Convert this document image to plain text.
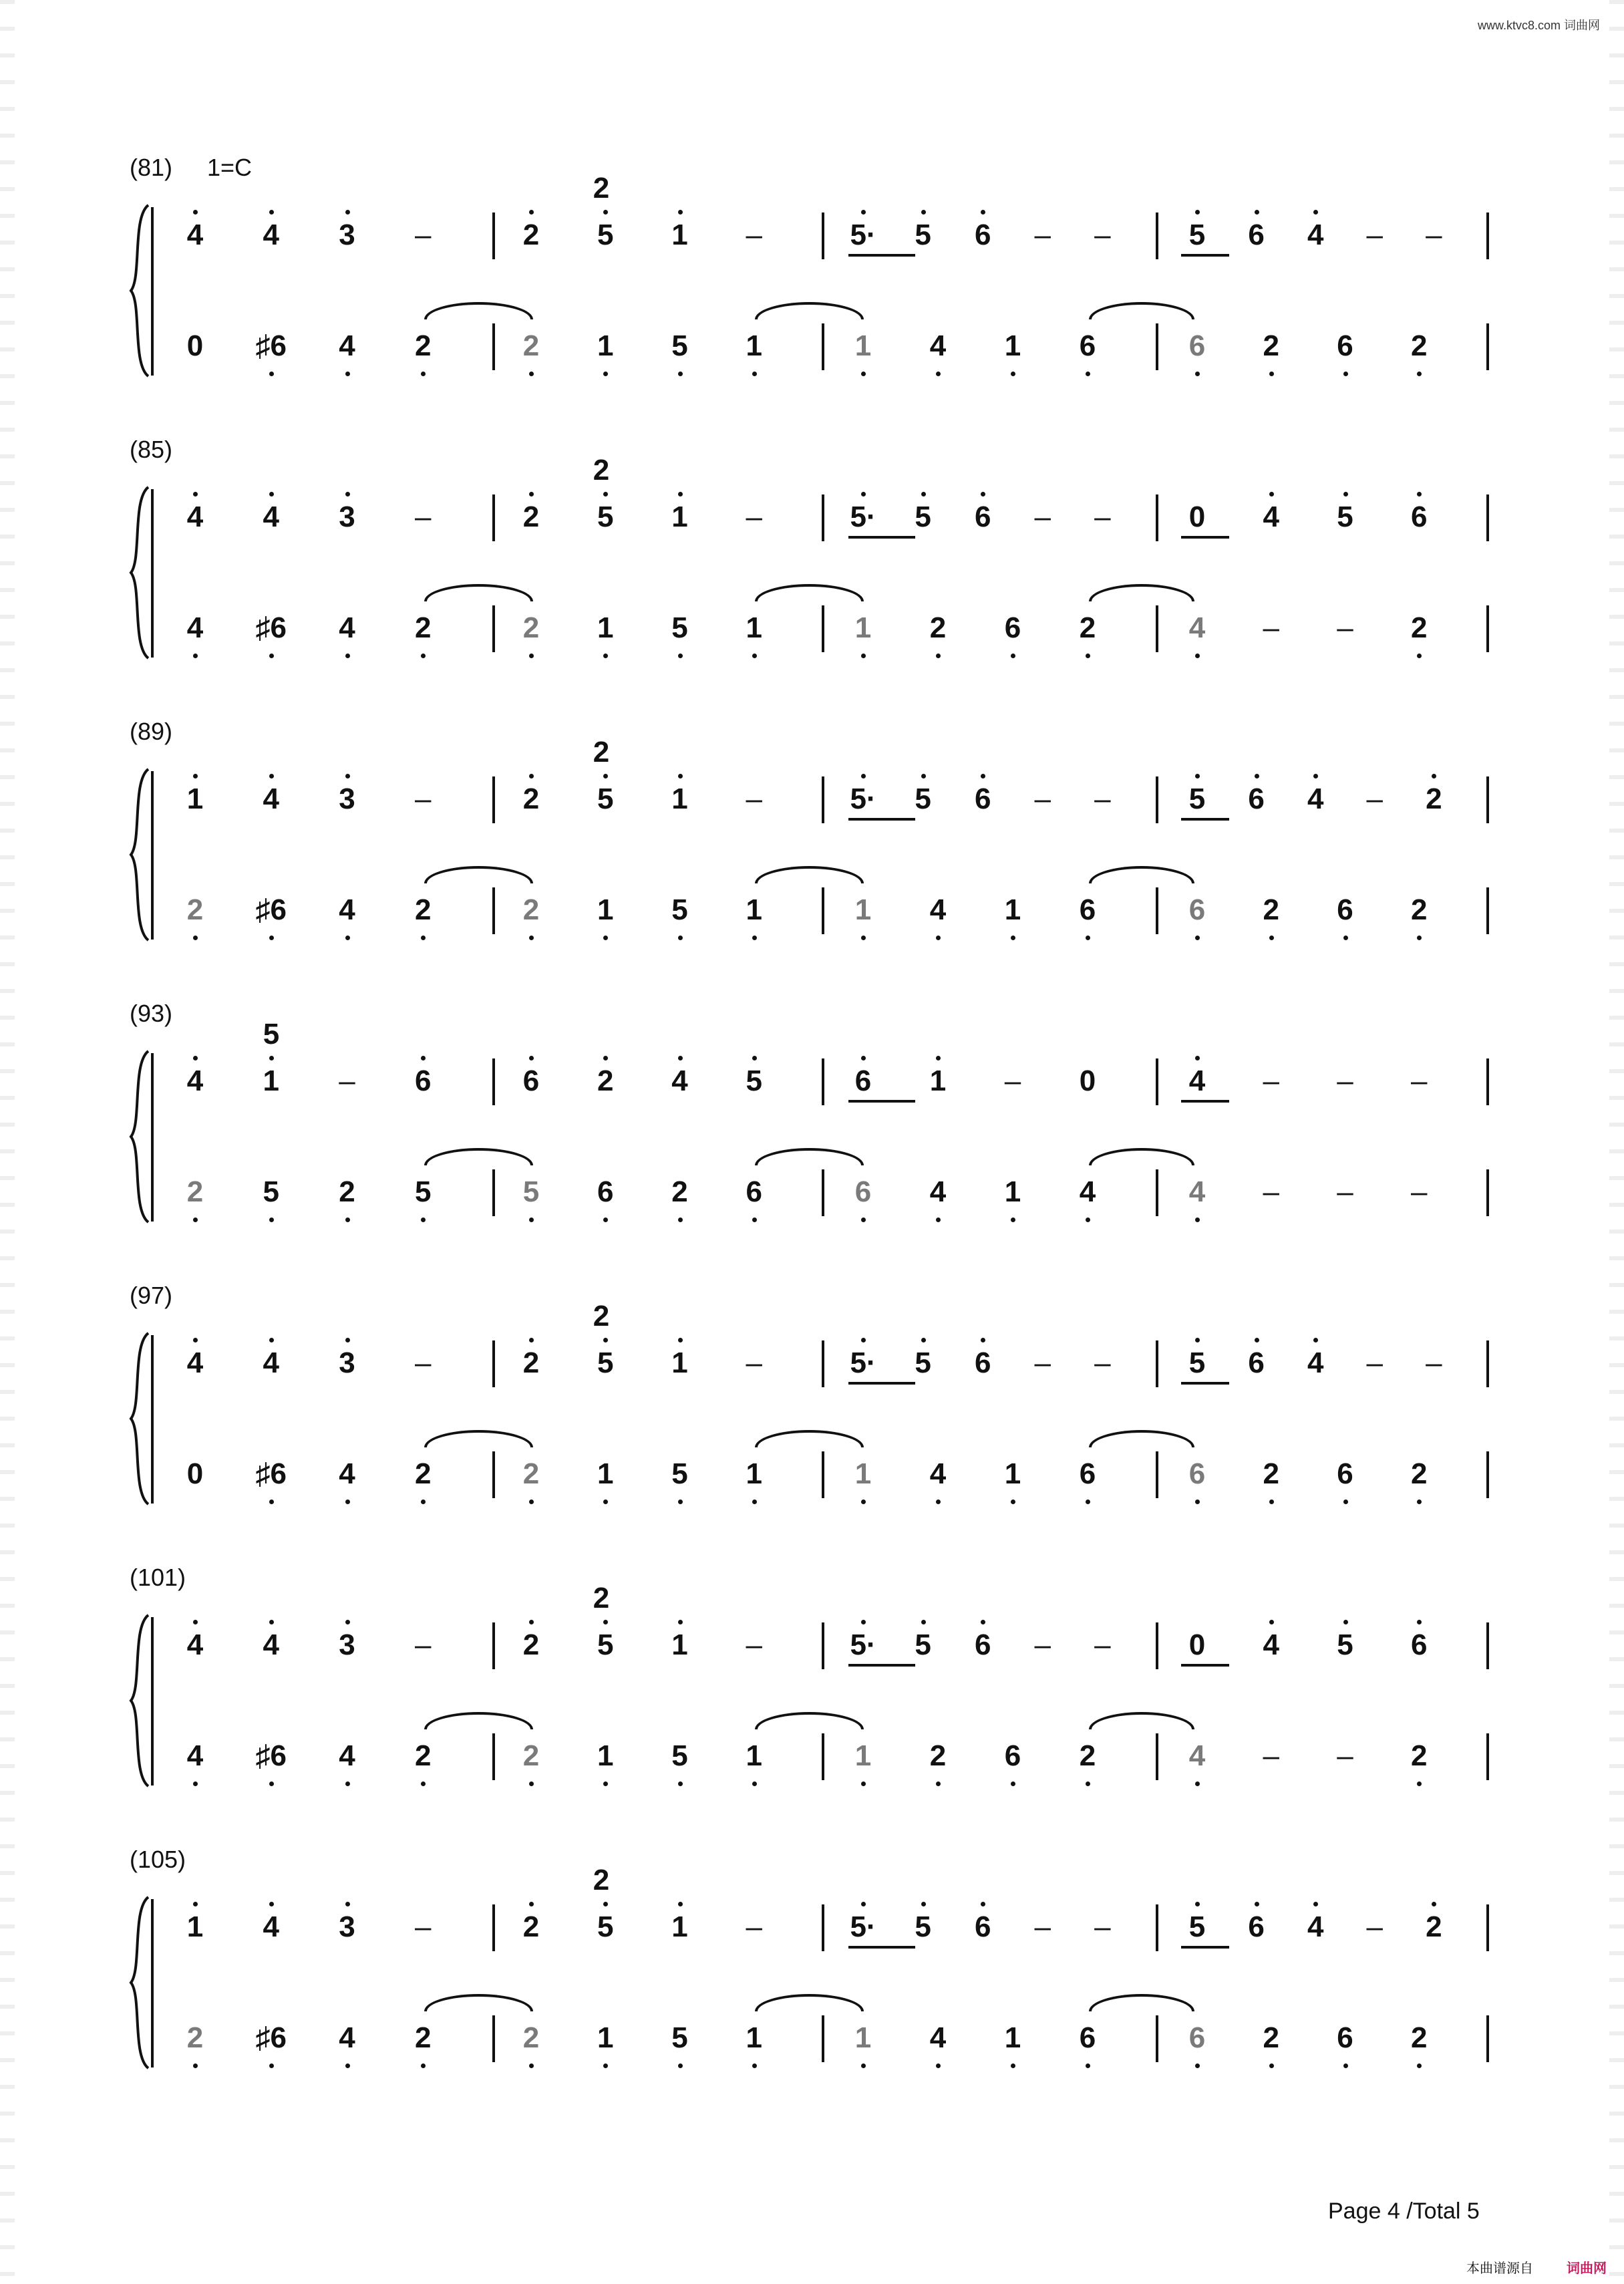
www.ktvc8.com 词曲网
(81) 1=C
4	4	3	–	2	5	1	–	5·	5	6	–	–	5	6	4	–	–
0	♯6	4	2	2	1	5	1	1	4	1	6	6	2	6	2
2
(85)
4	4	3	–	2	5	1	–	5·	5	6	–	–	0	4	5	6
4	♯6	4	2	2	1	5	1	1	2	6	2	4	–	–	2
2
(89)
1	4	3	–	2	5	1	–	5·	5	6	–	–	5	6	4	–	2
2	♯6	4	2	2	1	5	1	1	4	1	6	6	2	6	2
2
(93)
4	1	–	6	6	2	4	5	6	1	–	0	4	–	–	–
2	5	2	5	5	6	2	6	6	4	1	4	4	–	–	–
5
(97)
4	4	3	–	2	5	1	–	5·	5	6	–	–	5	6	4	–	–
0	♯6	4	2	2	1	5	1	1	4	1	6	6	2	6	2
2
(101)
4	4	3	–	2	5	1	–	5·	5	6	–	–	0	4	5	6
4	♯6	4	2	2	1	5	1	1	2	6	2	4	–	–	2
2
(105)
1	4	3	–	2	5	1	–	5·	5	6	–	–	5	6	4	–	2
2	♯6	4	2	2	1	5	1	1	4	1	6	6	2	6	2
2
Page 4 /Total 5
本曲谱源自	词曲网
